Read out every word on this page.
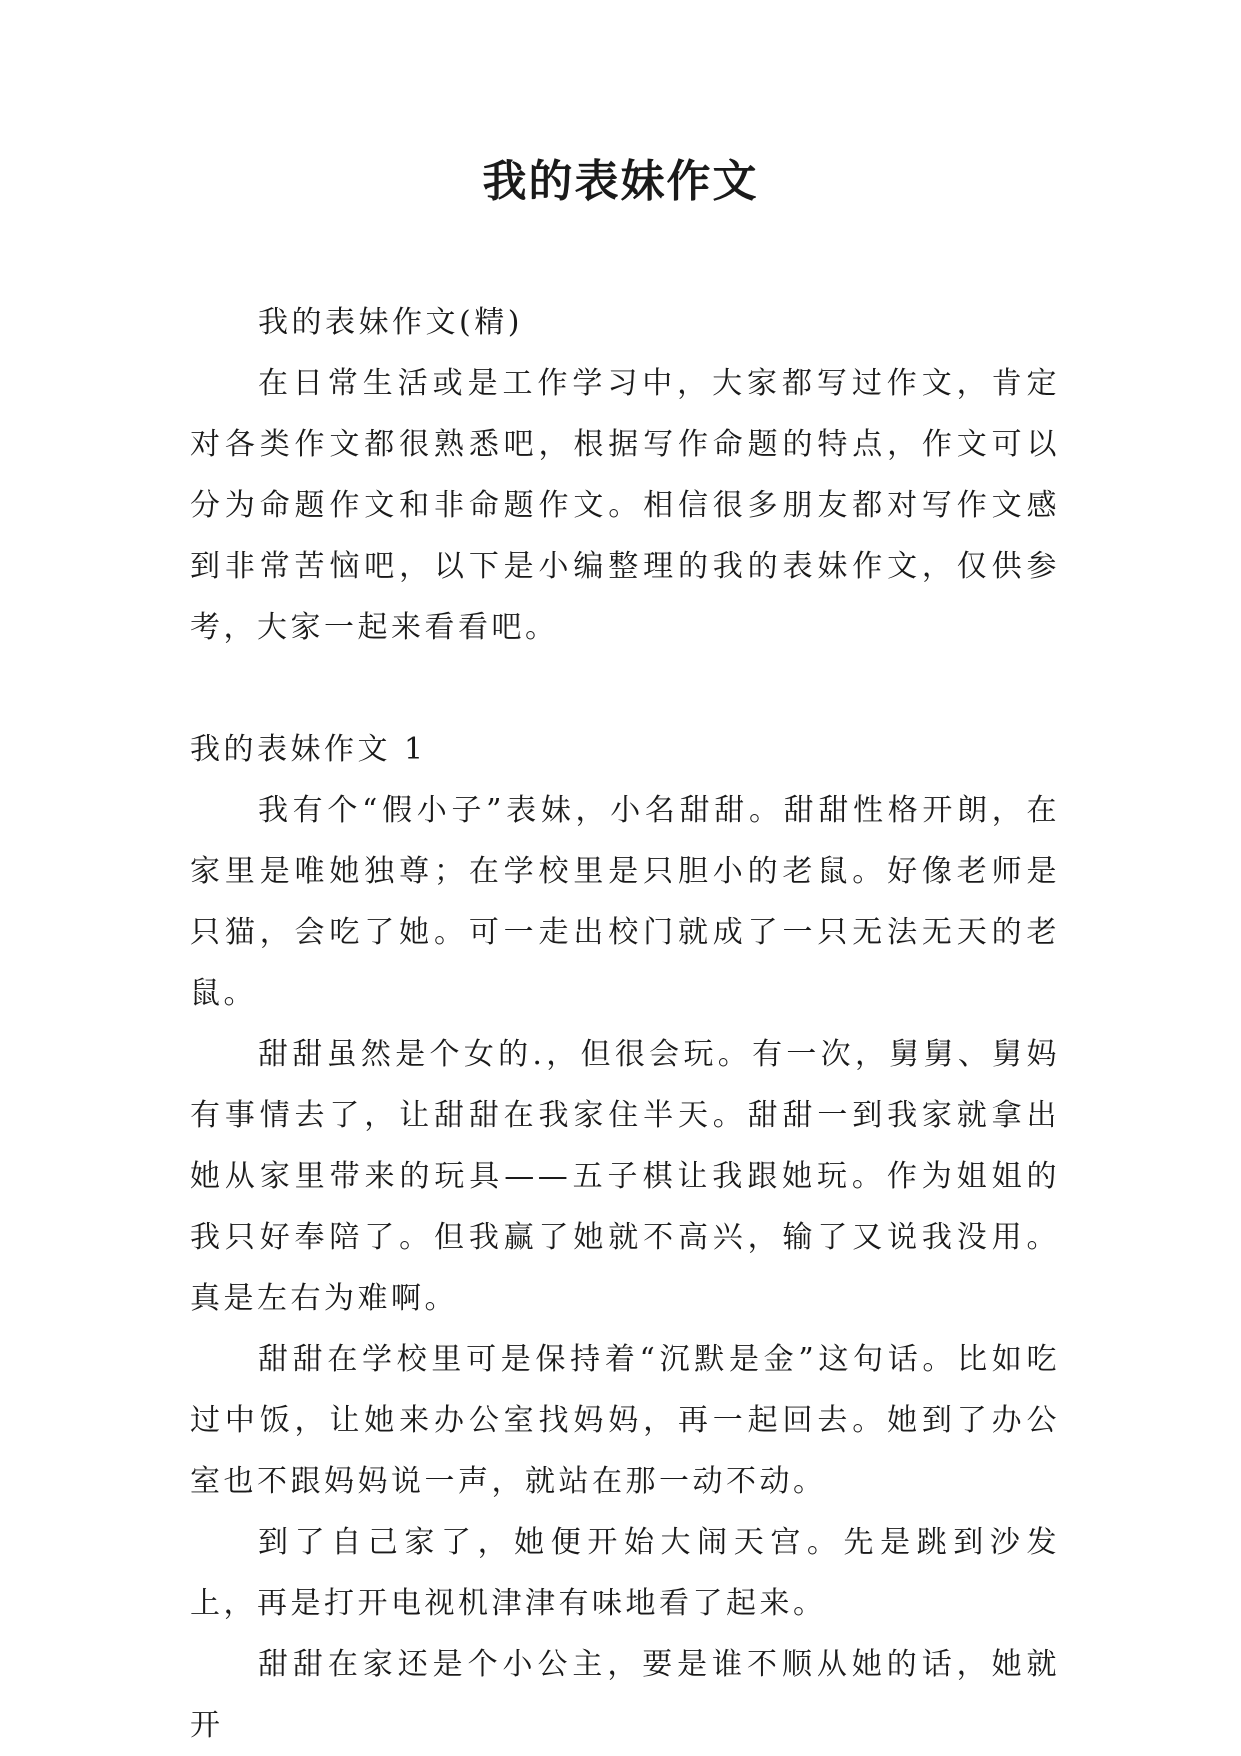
我的表妹作文

我的表妹作文(精)

在日常生活或是工作学习中，大家都写过作文，肯定对各类作文都很熟悉吧，根据写作命题的特点，作文可以分为命题作文和非命题作文。相信很多朋友都对写作文感到非常苦恼吧，以下是小编整理的我的表妹作文，仅供参考，大家一起来看看吧。

我的表妹作文 1

我有个“假小子”表妹，小名甜甜。甜甜性格开朗，在家里是唯她独尊；在学校里是只胆小的老鼠。好像老师是只猫，会吃了她。可一走出校门就成了一只无法无天的老鼠。

甜甜虽然是个女的.，但很会玩。有一次，舅舅、舅妈有事情去了，让甜甜在我家住半天。甜甜一到我家就拿出她从家里带来的玩具——五子棋让我跟她玩。作为姐姐的我只好奉陪了。但我赢了她就不高兴，输了又说我没用。真是左右为难啊。

甜甜在学校里可是保持着“沉默是金”这句话。比如吃过中饭，让她来办公室找妈妈，再一起回去。她到了办公室也不跟妈妈说一声，就站在那一动不动。

到了自己家了，她便开始大闹天宫。先是跳到沙发上，再是打开电视机津津有味地看了起来。

甜甜在家还是个小公主，要是谁不顺从她的话，她就开
